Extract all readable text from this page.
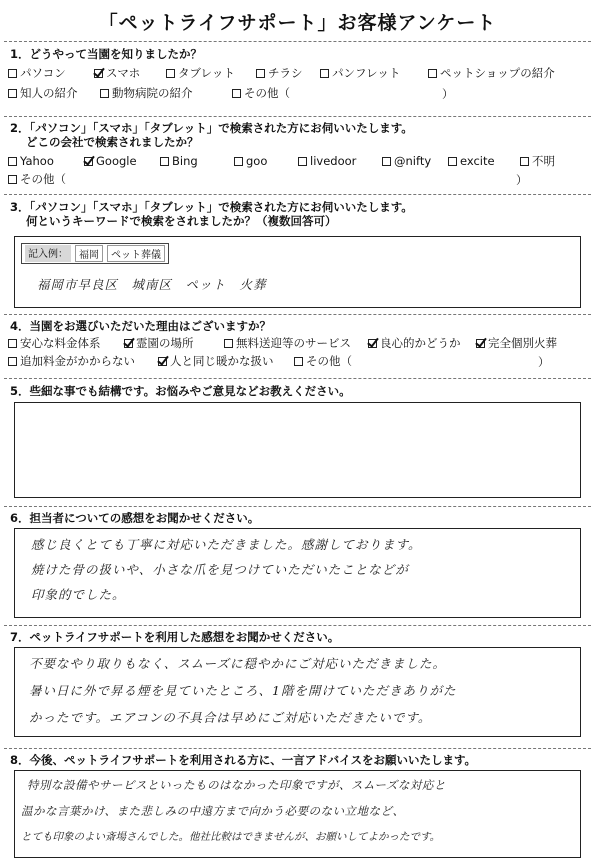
「ペットライフサポート」お客様アンケート
1．どうやって当園を知りましたか？
パソコン	スマホ	タブレット	チラシ	パンフレット	ペットショップの紹介
知人の紹介	動物病院の紹介	その他（	）
2．「パソコン」「スマホ」「タブレット」で検索された方にお伺いいたします。
どこの会社で検索されましたか？
Yahoo	Google	Bing	goo	livedoor	@nifty	excite	不明
その他（	）
3．「パソコン」「スマホ」「タブレット」で検索された方にお伺いいたします。
何というキーワードで検索をされましたか？（複数回答可）
記入例：	福岡	ペット葬儀
福岡市早良区　城南区　ペット　火葬
4．当園をお選びいただいた理由はございますか？
安心な料金体系	霊園の場所	無料送迎等のサービス	良心的かどうか 完全個別火葬
追加料金がかからない	人と同じ暖かな扱い	その他（	）
5．些細な事でも結構です。お悩みやご意見などお教えください。
6．担当者についての感想をお聞かせください。
感じ良くとても丁寧に対応いただきました。感謝しております。
焼けた骨の扱いや、小さな爪を見つけていただいたことなどが
印象的でした。
7．ペットライフサポートを利用した感想をお聞かせください。
不要なやり取りもなく、スムーズに穏やかにご対応いただきました。
暑い日に外で昇る煙を見ていたところ、1階を開けていただきありがた
かったです。エアコンの不具合は早めにご対応いただきたいです。
8．今後、ペットライフサポートを利用される方に、一言アドバイスをお願いいたします。
特別な設備やサービスといったものはなかった印象ですが、スムーズな対応と
温かな言葉かけ、また悲しみの中遠方まで向かう必要のない立地など、
とても印象のよい斎場さんでした。他社比較はできませんが、お願いしてよかったです。
